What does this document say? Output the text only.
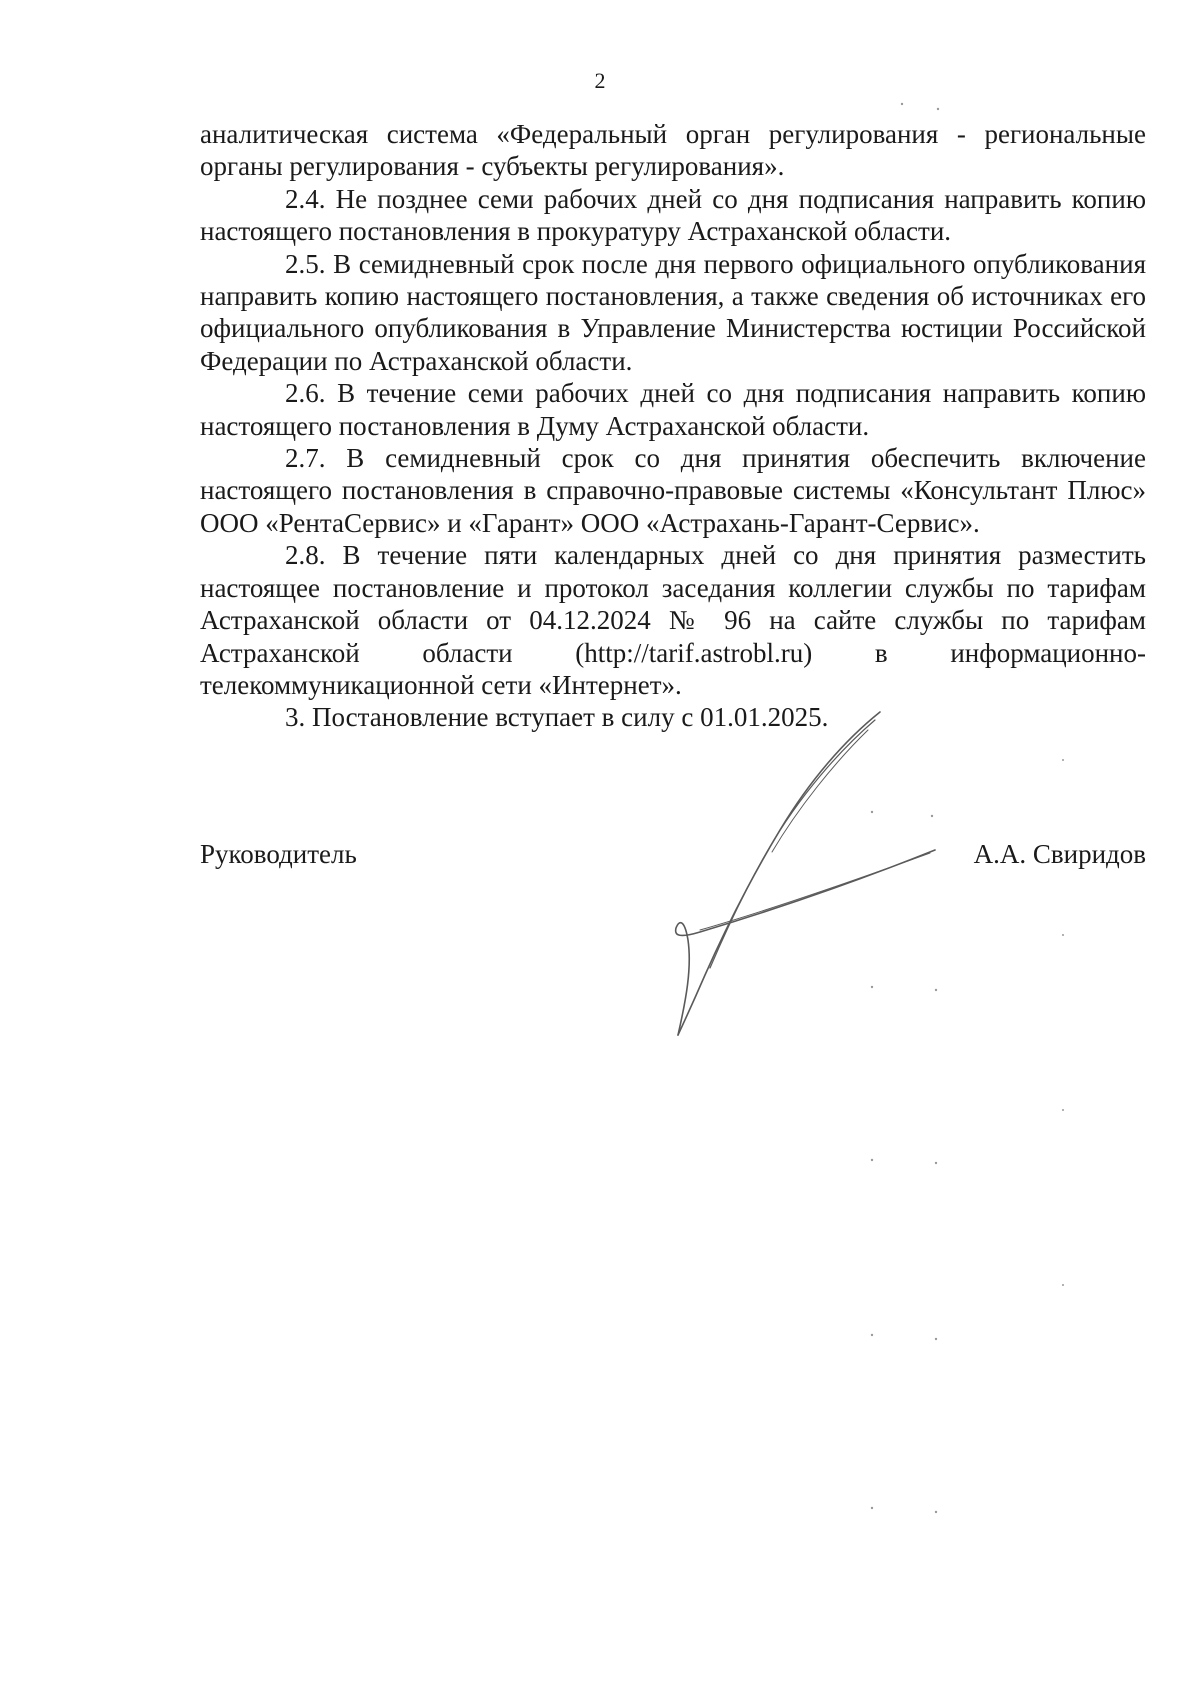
2

аналитическая система «Федеральный орган регулирования - региональные органы регулирования - субъекты регулирования».

2.4. Не позднее семи рабочих дней со дня подписания направить копию настоящего постановления в прокуратуру Астраханской области.

2.5. В семидневный срок после дня первого официального опубликования направить копию настоящего постановления, а также сведения об источниках его официального опубликования в Управление Министерства юстиции Российской Федерации по Астраханской области.

2.6. В течение семи рабочих дней со дня подписания направить копию настоящего постановления в Думу Астраханской области.

2.7. В семидневный срок со дня принятия обеспечить включение настоящего постановления в справочно-правовые системы «Консультант Плюс» ООО «РентаСервис» и «Гарант» ООО «Астрахань-Гарант-Сервис».

2.8. В течение пяти календарных дней со дня принятия разместить настоящее постановление и протокол заседания коллегии службы по тарифам Астраханской области от 04.12.2024 № 96 на сайте службы по тарифам Астраханской области (http://tarif.astrobl.ru) в информационно-телекоммуникационной сети «Интернет».

3. Постановление вступает в силу с 01.01.2025.

Руководитель	А.А. Свиридов
